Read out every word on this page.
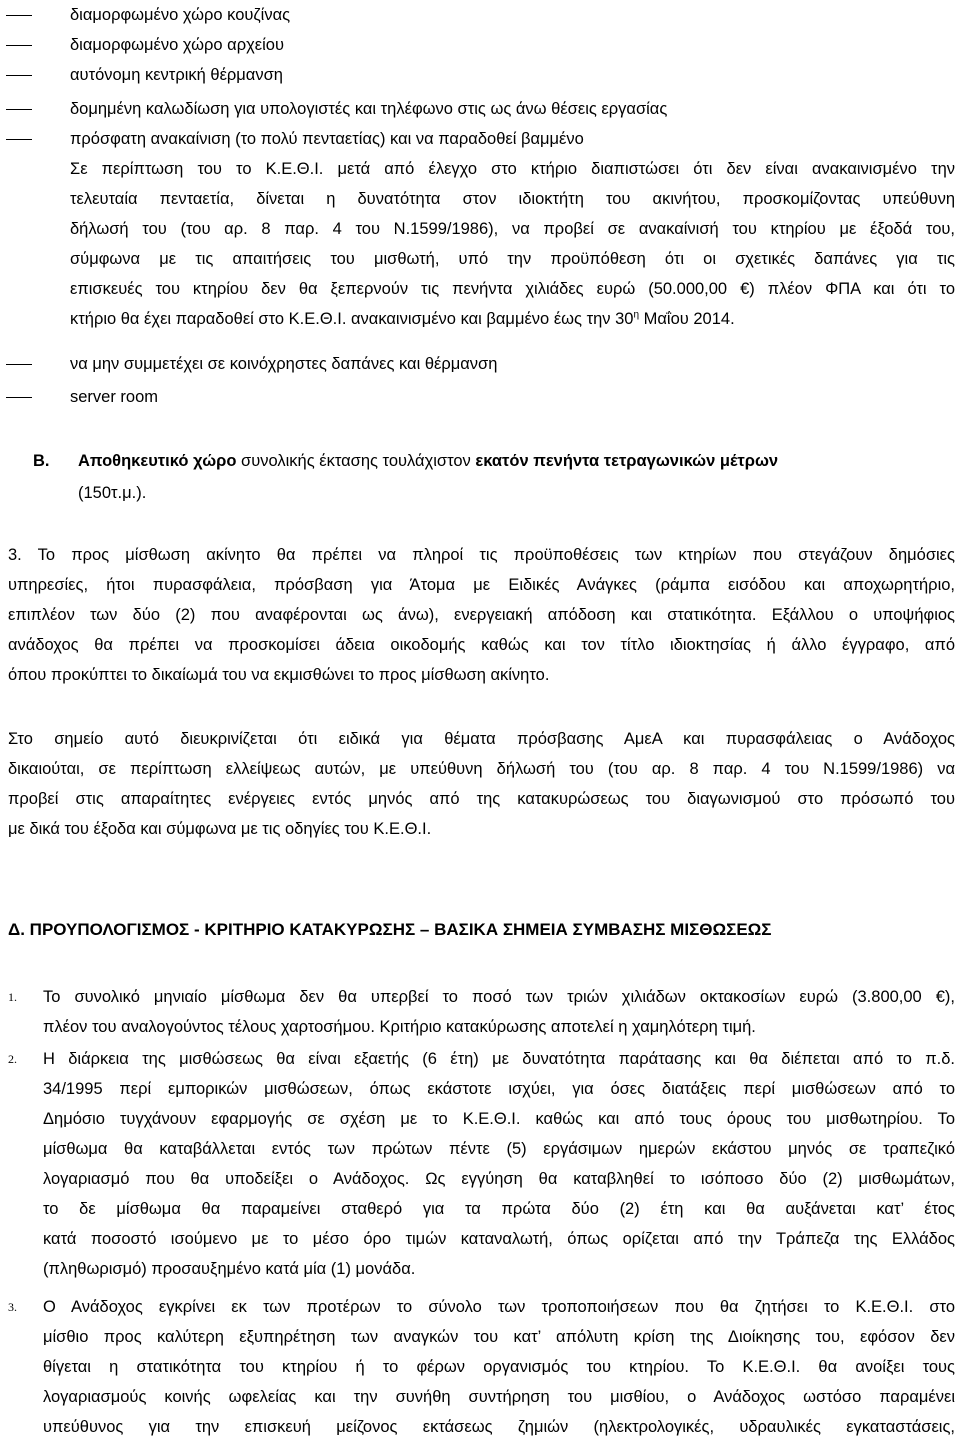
διαμορφωμένο χώρο κουζίνας
διαμορφωμένο χώρο αρχείου
αυτόνομη κεντρική θέρμανση
δομημένη καλωδίωση για υπολογιστές και τηλέφωνο στις ως άνω θέσεις εργασίας
πρόσφατη ανακαίνιση (το πολύ πενταετίας) και να παραδοθεί βαμμένο
Σε περίπτωση του το Κ.Ε.Θ.Ι. μετά από έλεγχο στο κτήριο διαπιστώσει ότι δεν είναι ανακαινισμένο την
τελευταία πενταετία, δίνεται η δυνατότητα στον ιδιοκτήτη του ακινήτου, προσκομίζοντας υπεύθυνη
δήλωσή του (του αρ. 8 παρ. 4 του Ν.1599/1986), να προβεί σε ανακαίνισή του κτηρίου με έξοδά του,
σύμφωνα με τις απαιτήσεις του μισθωτή, υπό την προϋπόθεση ότι οι σχετικές δαπάνες για τις
επισκευές του κτηρίου δεν θα ξεπερνούν τις πενήντα χιλιάδες ευρώ (50.000,00 €) πλέον ΦΠΑ και ότι το
κτήριο θα έχει παραδοθεί στο Κ.Ε.Θ.Ι. ανακαινισμένο και βαμμένο έως την $30^\eta$ Μαΐου 2014.
να μην συμμετέχει σε κοινόχρηστες δαπάνες και θέρμανση
server room
Β. Αποθηκευτικό χώρο συνολικής έκτασης τουλάχιστον εκατόν πενήντα τετραγωνικών μέτρων
(150τ.μ.).
3. Το προς μίσθωση ακίνητο θα πρέπει να πληροί τις προϋποθέσεις των κτηρίων που στεγάζουν δημόσιες
υπηρεσίες, ήτοι πυρασφάλεια, πρόσβαση για Άτομα με Ειδικές Ανάγκες (ράμπα εισόδου και αποχωρητήριο,
επιπλέον των δύο (2) που αναφέρονται ως άνω), ενεργειακή απόδοση και στατικότητα. Εξάλλου ο υποψήφιος
ανάδοχος θα πρέπει να προσκομίσει άδεια οικοδομής καθώς και τον τίτλο ιδιοκτησίας ή άλλο έγγραφο, από
όπου προκύπτει το δικαίωμά του να εκμισθώνει το προς μίσθωση ακίνητο.
Στο σημείο αυτό διευκρινίζεται ότι ειδικά για θέματα πρόσβασης ΑμεΑ και πυρασφάλειας ο Ανάδοχος
δικαιούται, σε περίπτωση ελλείψεως αυτών, με υπεύθυνη δήλωσή του (του αρ. 8 παρ. 4 του Ν.1599/1986) να
προβεί στις απαραίτητες ενέργειες εντός μηνός από της κατακυρώσεως του διαγωνισμού στο πρόσωπό του
με δικά του έξοδα και σύμφωνα με τις οδηγίες του Κ.Ε.Θ.Ι.
Δ. ΠΡΟΥΠΟΛΟΓΙΣΜΟΣ - ΚΡΙΤΗΡΙΟ ΚΑΤΑΚΥΡΩΣΗΣ – ΒΑΣΙΚΑ ΣΗΜΕΙΑ ΣΥΜΒΑΣΗΣ ΜΙΣΘΩΣΕΩΣ
1. Το συνολικό μηνιαίο μίσθωμα δεν θα υπερβεί το ποσό των τριών χιλιάδων οκτακοσίων ευρώ (3.800,00 €),
πλέον του αναλογούντος τέλους χαρτοσήμου. Κριτήριο κατακύρωσης αποτελεί η χαμηλότερη τιμή.
2. Η διάρκεια της μισθώσεως θα είναι εξαετής (6 έτη) με δυνατότητα παράτασης και θα διέπεται από το π.δ.
34/1995 περί εμπορικών μισθώσεων, όπως εκάστοτε ισχύει, για όσες διατάξεις περί μισθώσεων από το
Δημόσιο τυγχάνουν εφαρμογής σε σχέση με το Κ.Ε.Θ.Ι. καθώς και από τους όρους του μισθωτηρίου. Το
μίσθωμα θα καταβάλλεται εντός των πρώτων πέντε (5) εργάσιμων ημερών εκάστου μηνός σε τραπεζικό
λογαριασμό που θα υποδείξει ο Ανάδοχος. Ως εγγύηση θα καταβληθεί το ισόποσο δύο (2) μισθωμάτων,
το δε μίσθωμα θα παραμείνει σταθερό για τα πρώτα δύο (2) έτη και θα αυξάνεται κατ’ έτος
κατά ποσοστό ισούμενο με το μέσο όρο τιμών καταναλωτή, όπως ορίζεται από την Τράπεζα της Ελλάδος
(πληθωρισμό) προσαυξημένο κατά μία (1) μονάδα.
3. Ο Ανάδοχος εγκρίνει εκ των προτέρων το σύνολο των τροποποιήσεων που θα ζητήσει το Κ.Ε.Θ.Ι. στο
μίσθιο προς καλύτερη εξυπηρέτηση των αναγκών του κατ’ απόλυτη κρίση της Διοίκησης του, εφόσον δεν
θίγεται η στατικότητα του κτηρίου ή το φέρων οργανισμός του κτηρίου. Το Κ.Ε.Θ.Ι. θα ανοίξει τους
λογαριασμούς κοινής ωφελείας και την συνήθη συντήρηση του μισθίου, ο Ανάδοχος ωστόσο παραμένει
υπεύθυνος για την επισκευή μείζονος εκτάσεως ζημιών (ηλεκτρολογικές, υδραυλικές εγκαταστάσεις,
